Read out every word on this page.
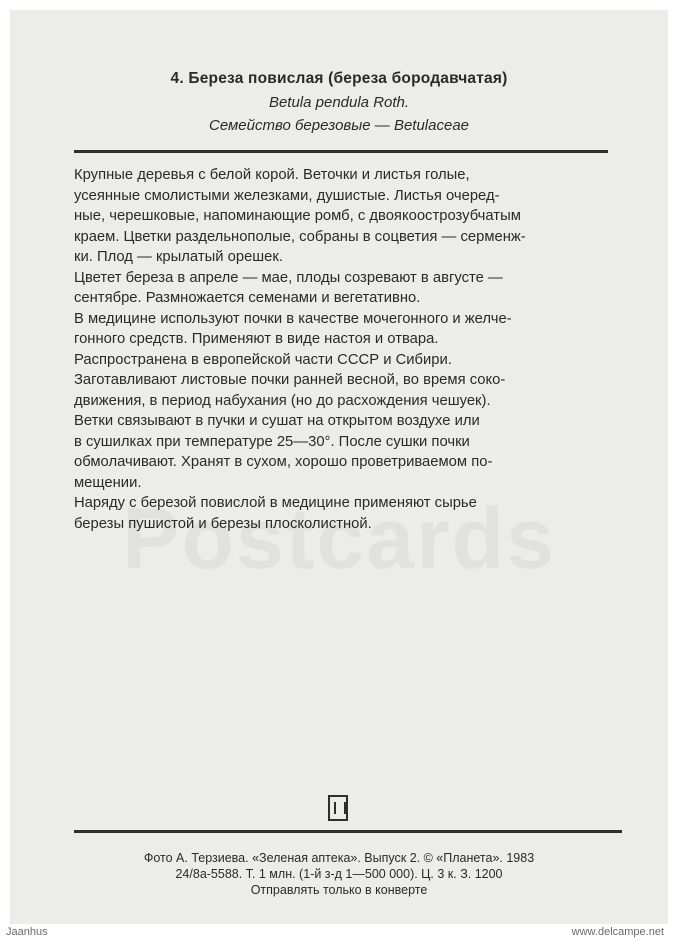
4. Береза повислая (береза бородавчатая)
Betula pendula Roth.
Семейство березовые — Betulaceae
Крупные деревья с белой корой. Веточки и листья голые,
усеянные смолистыми железками, душистые. Листья очеред-
ные, черешковые, напоминающие ромб, с двоякоострозубчатым
краем. Цветки раздельнополые, собраны в соцветия — серменж-
ки. Плод — крылатый орешек.
Цветет береза в апреле — мае, плоды созревают в августе —
сентябре. Размножается семенами и вегетативно.
В медицине используют почки в качестве мочегонного и желче-
гонного средств. Применяют в виде настоя и отвара.
Распространена в европейской части СССР и Сибири.
Заготавливают листовые почки ранней весной, во время соко-
движения, в период набухания (но до расхождения чешуек).
Ветки связывают в пучки и сушат на открытом воздухе или
в сушилках при температуре 25—30°. После сушки почки
обмолачивают. Хранят в сухом, хорошо проветриваемом по-
мещении.
Наряду с березой повислой в медицине применяют сырье
березы пушистой и березы плосколистной.
Фото А. Терзиева. «Зеленая аптека». Выпуск 2. © «Планета». 1983
24/8а-5588. Т. 1 млн. (1-й з-д 1—500 000). Ц. 3 к. З. 1200
Отправлять только в конверте
Jaanhus	www.delcampe.net
